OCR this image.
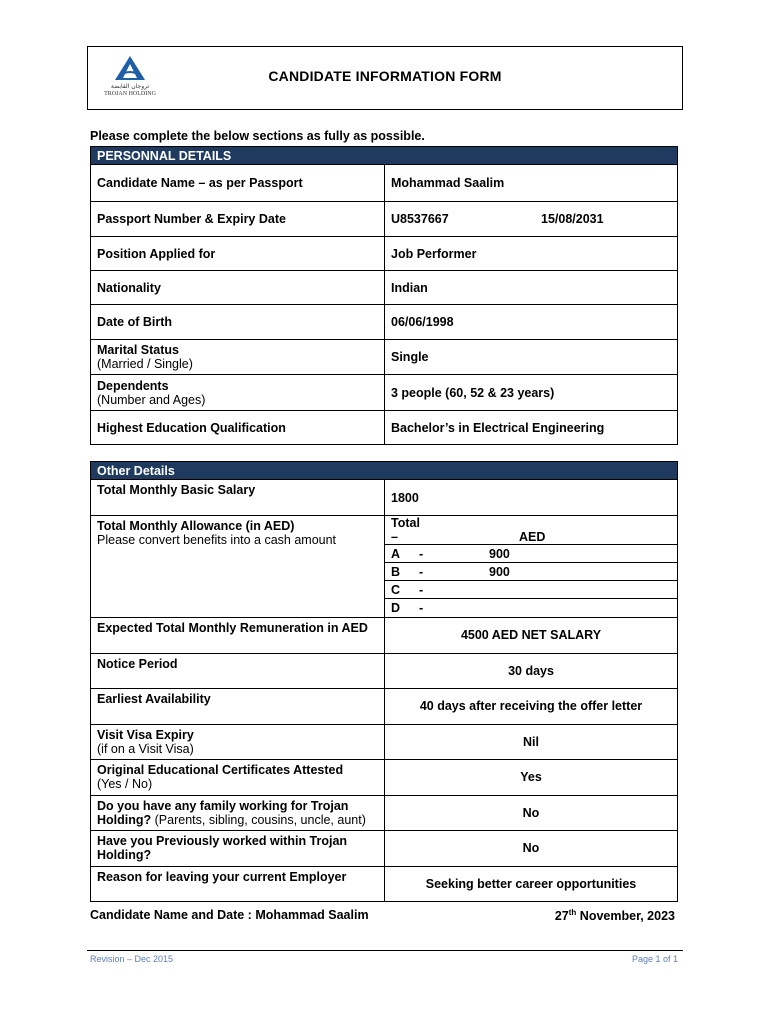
تروجان القابضة
TROJAN HOLDING
CANDIDATE INFORMATION FORM
Please complete the below sections as fully as possible.
PERSONNAL DETAILS	
Candidate Name – as per Passport	Mohammad Saalim
Passport Number & Expiry Date	U8537667 15/08/2031

Position Applied for	Job Performer
Nationality	Indian
Date of Birth	06/06/1998
Marital Status
(Married / Single)	Single
Dependents
(Number and Ages)	3 people (60, 52 & 23 years)
Highest Education Qualification	Bachelor’s in Electrical Engineering
Other Details
Total Monthly Basic Salary	1800
Total Monthly Allowance (in AED)
Please convert benefits into a cash amount

Total –	AED
A -	900
B -	900
C -
D -

Expected Total Monthly Remuneration in AED	4500 AED NET SALARY
Notice Period	30 days
Earliest Availability	40 days after receiving the offer letter
Visit Visa Expiry
(if on a Visit Visa)	Nil
Original Educational Certificates Attested
(Yes / No)	Yes
Do you have any family working for Trojan Holding? (Parents, sibling, cousins, uncle, aunt)	No
Have you Previously worked within Trojan Holding?	No
Reason for leaving your current Employer	Seeking better career opportunities
Candidate Name and Date : Mohammad Saalim	27th November, 2023
Revision – Dec 2015	Page 1 of 1
